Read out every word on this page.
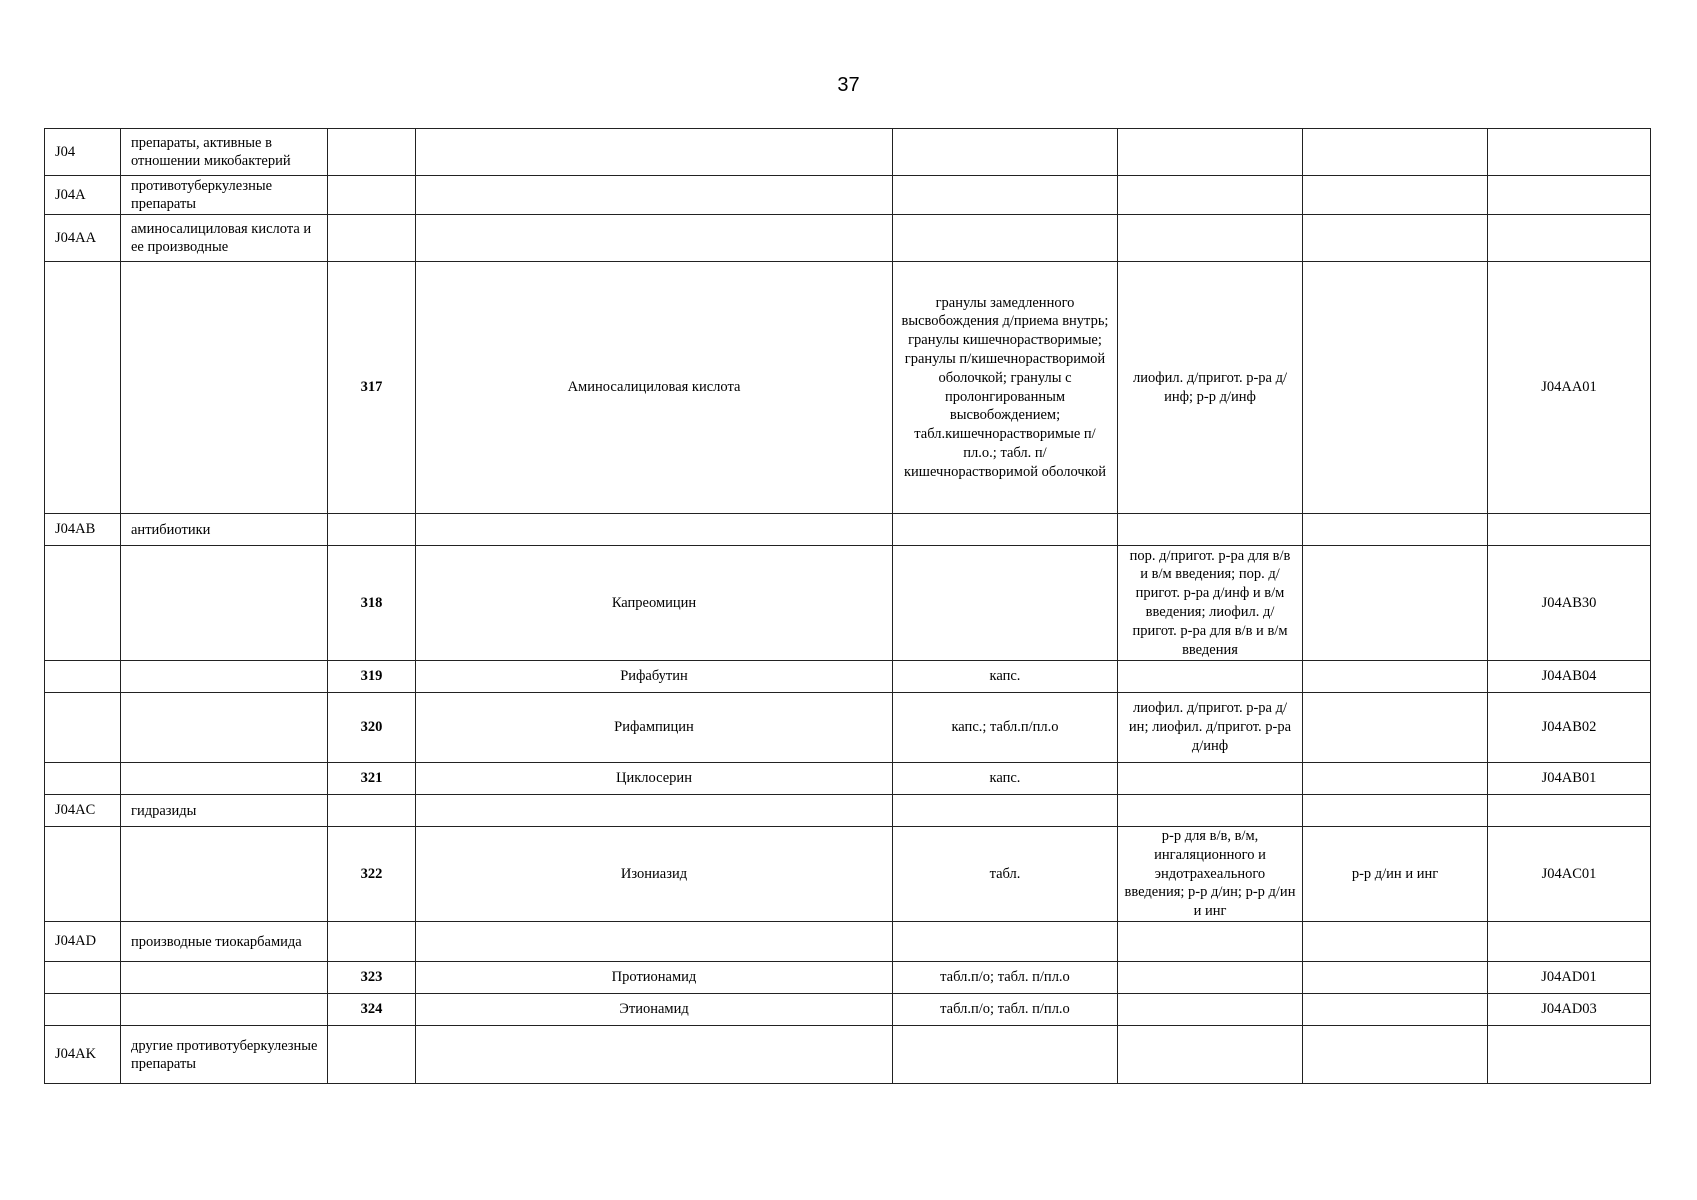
37
J04	препараты, активные в отношении микобактерий						
J04A	противотуберкулезные препараты						
J04AA	аминосалициловая кислота и ее производные						
		317	Аминосалициловая кислота	гранулы замедленного высвобождения д/приема внутрь; гранулы кишечнорастворимые; гранулы п/кишечнорастворимой оболочкой; гранулы с пролонгированным высвобождением; табл.кишечнорастворимые п/пл.о.; табл. п/кишечнорастворимой оболочкой	лиофил. д/пригот. р-ра д/инф; р-р д/инф		J04AA01
J04AB	антибиотики						
		318	Капреомицин		пор. д/пригот. р-ра для в/в и в/м введения; пор. д/пригот. р-ра д/инф и в/м введения; лиофил. д/пригот. р-ра для в/в и в/м введения		J04AB30
		319	Рифабутин	капс.			J04AB04
		320	Рифампицин	капс.; табл.п/пл.о	лиофил. д/пригот. р-ра д/ин; лиофил. д/пригот. р-ра д/инф		J04AB02
		321	Циклосерин	капс.			J04AB01
J04AC	гидразиды						
		322	Изониазид	табл.	р-р для в/в, в/м, ингаляционного и эндотрахеального введения; р-р д/ин; р-р д/ин и инг	р-р д/ин и инг	J04AC01
J04AD	производные тиокарбамида						
		323	Протионамид	табл.п/о; табл. п/пл.о			J04AD01
		324	Этионамид	табл.п/о; табл. п/пл.о			J04AD03
J04AK	другие противотуберкулезные препараты						
